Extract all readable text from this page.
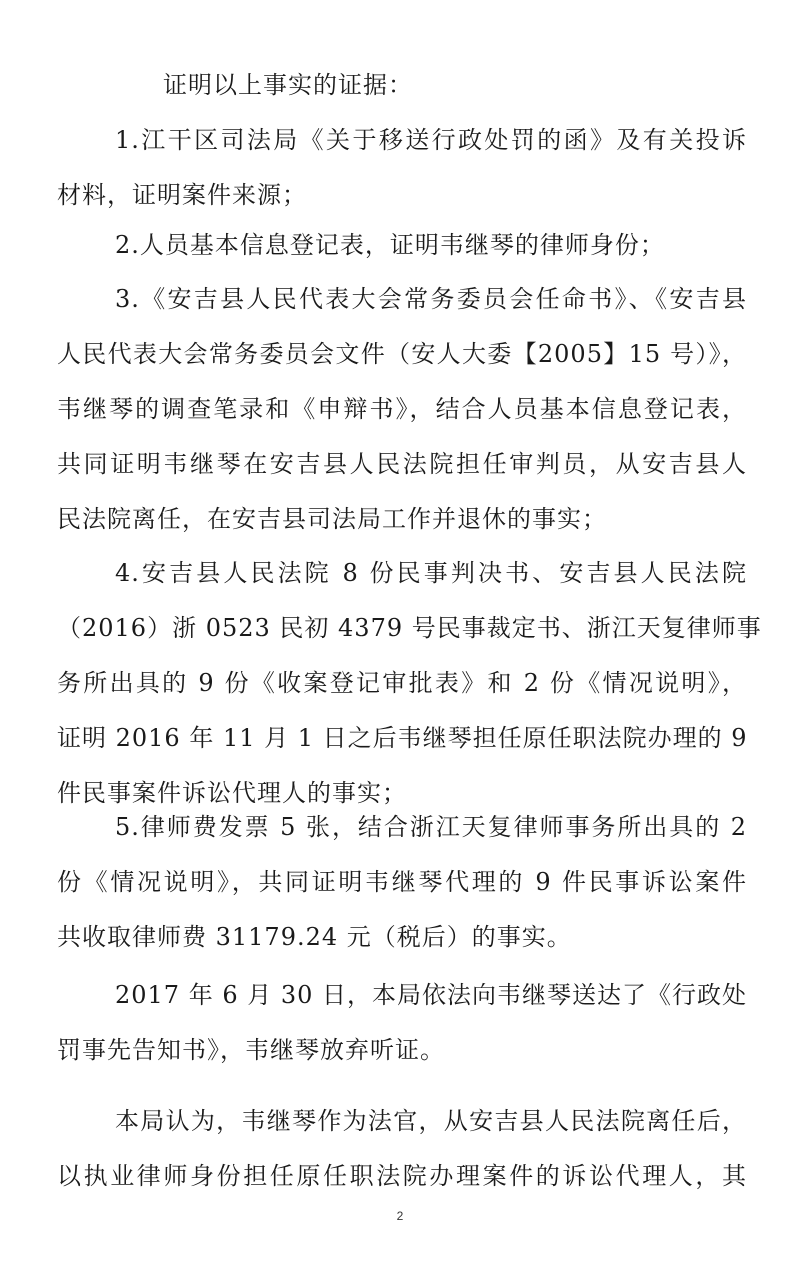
证明以上事实的证据：

1.江干区司法局《关于移送行政处罚的函》及有关投诉
材料，证明案件来源；

2.人员基本信息登记表，证明韦继琴的律师身份；

3.《安吉县人民代表大会常务委员会任命书》、《安吉县
人民代表大会常务委员会文件（安人大委【2005】15 号）》，
韦继琴的调查笔录和《申辩书》，结合人员基本信息登记表，
共同证明韦继琴在安吉县人民法院担任审判员，从安吉县人
民法院离任，在安吉县司法局工作并退休的事实；

4.安吉县人民法院 8 份民事判决书、安吉县人民法院
（2016）浙 0523 民初 4379 号民事裁定书、浙江天复律师事
务所出具的 9 份《收案登记审批表》和 2 份《情况说明》，
证明 2016 年 11 月 1 日之后韦继琴担任原任职法院办理的 9
件民事案件诉讼代理人的事实；

5.律师费发票 5 张，结合浙江天复律师事务所出具的 2
份《情况说明》，共同证明韦继琴代理的 9 件民事诉讼案件
共收取律师费 31179.24 元（税后）的事实。

2017 年 6 月 30 日，本局依法向韦继琴送达了《行政处
罚事先告知书》，韦继琴放弃听证。

本局认为，韦继琴作为法官，从安吉县人民法院离任后，
以执业律师身份担任原任职法院办理案件的诉讼代理人，其

2
